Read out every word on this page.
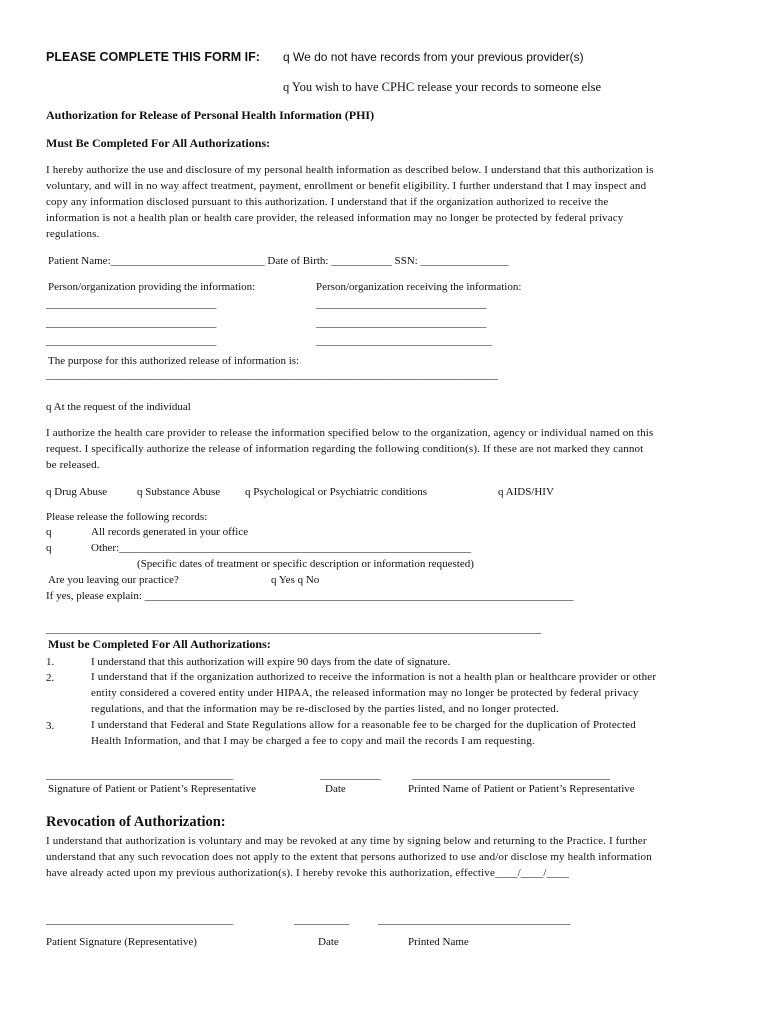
PLEASE COMPLETE THIS FORM IF: q We do not have records from your previous provider(s)
q You wish to have CPHC release your records to someone else
Authorization for Release of Personal Health Information (PHI)
Must Be Completed For All Authorizations:
I hereby authorize the use and disclosure of my personal health information as described below. I understand that this authorization is
voluntary, and will in no way affect treatment, payment, enrollment or benefit eligibility. I further understand that I may inspect and
copy any information disclosed pursuant to this authorization. I understand that if the organization authorized to receive the
information is not a health plan or health care provider, the released information may no longer be protected by federal privacy
regulations.
Patient Name:____________________________ Date of Birth: ___________ SSN: ________________
Person/organization providing the information:	Person/organization receiving the information:
_______________________________
_______________________________
_______________________________
_______________________________
_______________________________
________________________________
The purpose for this authorized release of information is:
———————————————————————————————————————————
q At the request of the individual
I authorize the health care provider to release the information specified below to the organization, agency or individual named on this
request. I specifically authorize the release of information regarding the following condition(s). If these are not marked they cannot
be released.
q Drug Abuse	q Substance Abuse q Psychological or Psychiatric conditions	q AIDS/HIV
Please release the following records:
q	All records generated in your office
q	Other:________________________________________________________________
(Specific dates of treatment or specific description or information requested)
Are you leaving our practice?	q Yes q No
If yes, please explain: ______________________________________________________________________________
__________________________________________________________________________________________
Must be Completed For All Authorizations:
1.	I understand that this authorization will expire 90 days from the date of signature.
2.	I understand that if the organization authorized to receive the information is not a health plan or healthcare provider or other
entity considered a covered entity under HIPAA, the released information may no longer be protected by federal privacy
regulations, and that the information may be re-disclosed by the parties listed, and no longer protected.
3.	I understand that Federal and State Regulations allow for a reasonable fee to be charged for the duplication of Protected
Health Information, and that I may be charged a fee to copy and mail the records I am requesting.
__________________________________	___________	____________________________________
Signature of Patient or Patient’s Representative	Date	Printed Name of Patient or Patient’s Representative
Revocation of Authorization:
I understand that authorization is voluntary and may be revoked at any time by signing below and returning to the Practice. I further
understand that any such revocation does not apply to the extent that persons authorized to use and/or disclose my health information
have already acted upon my previous authorization(s). I hereby revoke this authorization, effective____/____/____
__________________________________	__________	___________________________________
Patient Signature (Representative)	Date	Printed Name
